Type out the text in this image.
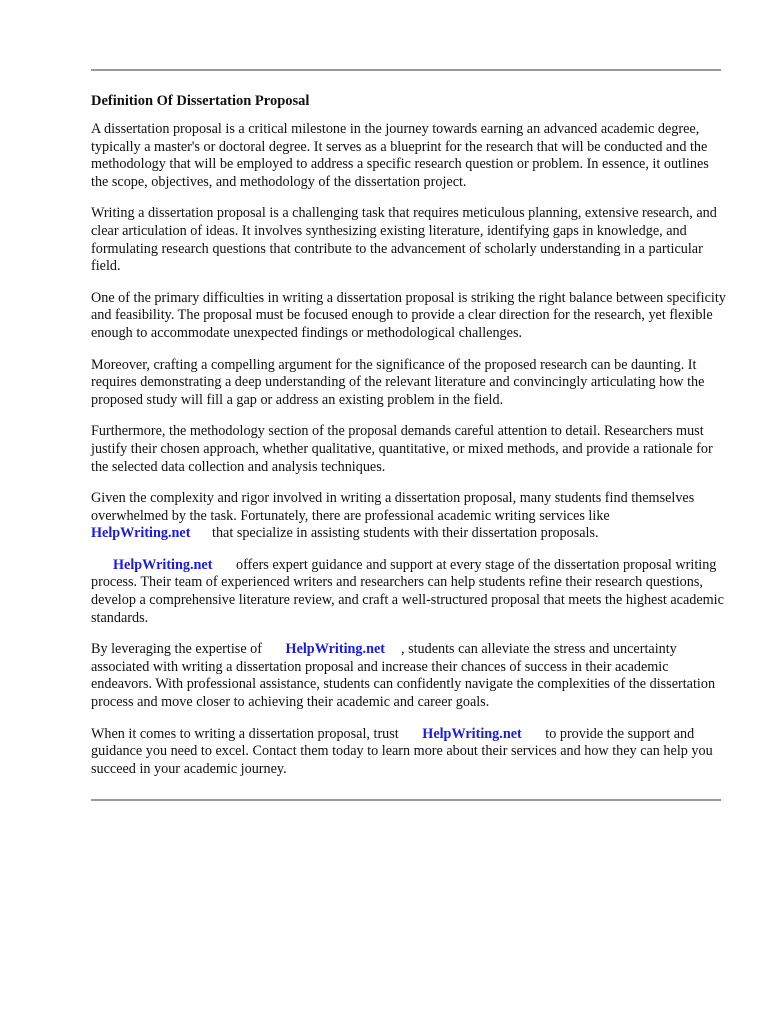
Definition Of Dissertation Proposal

A dissertation proposal is a critical milestone in the journey towards earning an advanced academic degree, typically a master's or doctoral degree. It serves as a blueprint for the research that will be conducted and the methodology that will be employed to address a specific research question or problem. In essence, it outlines the scope, objectives, and methodology of the dissertation project.

Writing a dissertation proposal is a challenging task that requires meticulous planning, extensive research, and clear articulation of ideas. It involves synthesizing existing literature, identifying gaps in knowledge, and formulating research questions that contribute to the advancement of scholarly understanding in a particular field.

One of the primary difficulties in writing a dissertation proposal is striking the right balance between specificity and feasibility. The proposal must be focused enough to provide a clear direction for the research, yet flexible enough to accommodate unexpected findings or methodological challenges.

Moreover, crafting a compelling argument for the significance of the proposed research can be daunting. It requires demonstrating a deep understanding of the relevant literature and convincingly articulating how the proposed study will fill a gap or address an existing problem in the field.

Furthermore, the methodology section of the proposal demands careful attention to detail. Researchers must justify their chosen approach, whether qualitative, quantitative, or mixed methods, and provide a rationale for the selected data collection and analysis techniques.

Given the complexity and rigor involved in writing a dissertation proposal, many students find themselves overwhelmed by the task. Fortunately, there are professional academic writing services like HelpWriting.net that specialize in assisting students with their dissertation proposals.

HelpWriting.net offers expert guidance and support at every stage of the dissertation proposal writing process. Their team of experienced writers and researchers can help students refine their research questions, develop a comprehensive literature review, and craft a well-structured proposal that meets the highest academic standards.

By leveraging the expertise of HelpWriting.net , students can alleviate the stress and uncertainty associated with writing a dissertation proposal and increase their chances of success in their academic endeavors. With professional assistance, students can confidently navigate the complexities of the dissertation process and move closer to achieving their academic and career goals.

When it comes to writing a dissertation proposal, trust HelpWriting.net to provide the support and guidance you need to excel. Contact them today to learn more about their services and how they can help you succeed in your academic journey.
